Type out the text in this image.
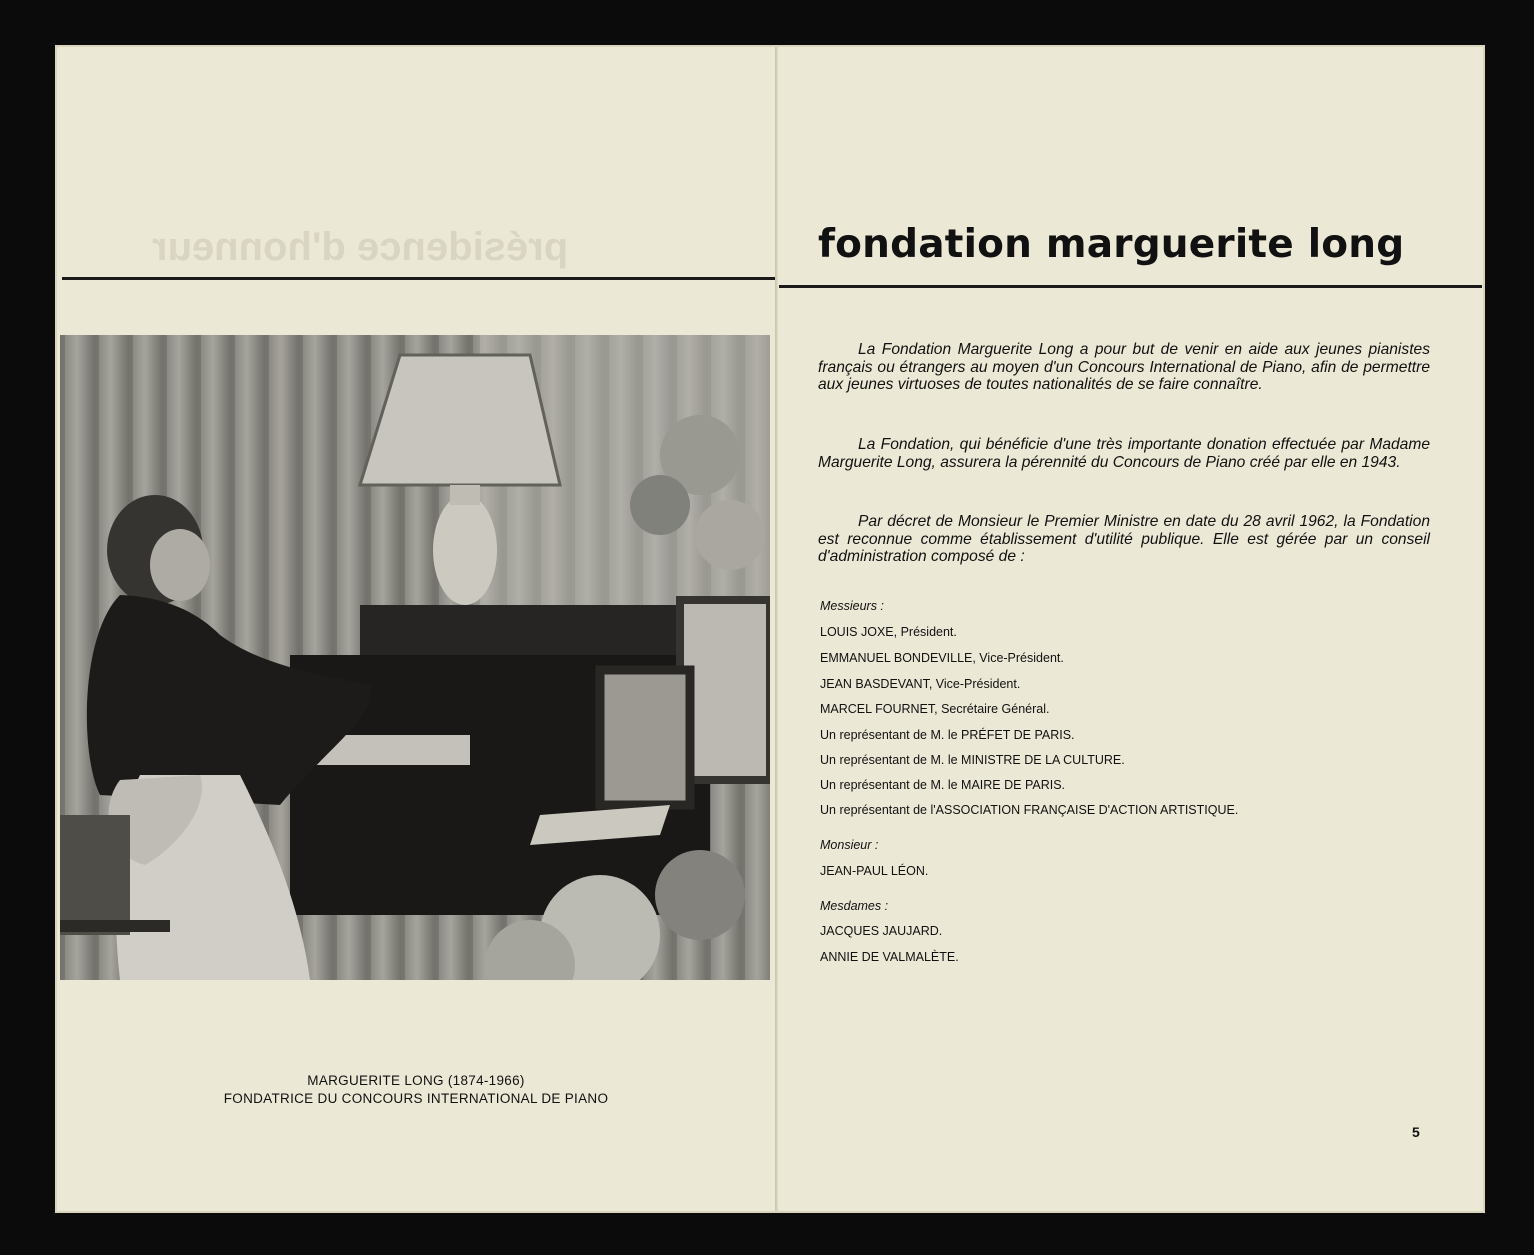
présidence d'honneur	fondation marguerite long
MARGUERITE LONG (1874-1966)
FONDATRICE DU CONCOURS INTERNATIONAL DE PIANO

La Fondation Marguerite Long a pour but de venir en aide aux jeunes pianistes français ou étrangers au moyen d'un Concours International de Piano, afin de permettre aux jeunes virtuoses de toutes nationalités de se faire connaître.

La Fondation, qui bénéficie d'une très importante donation effectuée par Madame Marguerite Long, assurera la pérennité du Concours de Piano créé par elle en 1943.

Par décret de Monsieur le Premier Ministre en date du 28 avril 1962, la Fondation est reconnue comme établissement d'utilité publique. Elle est gérée par un conseil d'administration composé de :

Messieurs :
LOUIS JOXE, Président.
EMMANUEL BONDEVILLE, Vice-Président.
JEAN BASDEVANT, Vice-Président.
MARCEL FOURNET, Secrétaire Général.
Un représentant de M. le PRÉFET DE PARIS.
Un représentant de M. le MINISTRE DE LA CULTURE.
Un représentant de M. le MAIRE DE PARIS.
Un représentant de l'ASSOCIATION FRANÇAISE D'ACTION ARTISTIQUE.
Monsieur :
JEAN-PAUL LÉON.
Mesdames :
JACQUES JAUJARD.
ANNIE DE VALMALÈTE.
5
